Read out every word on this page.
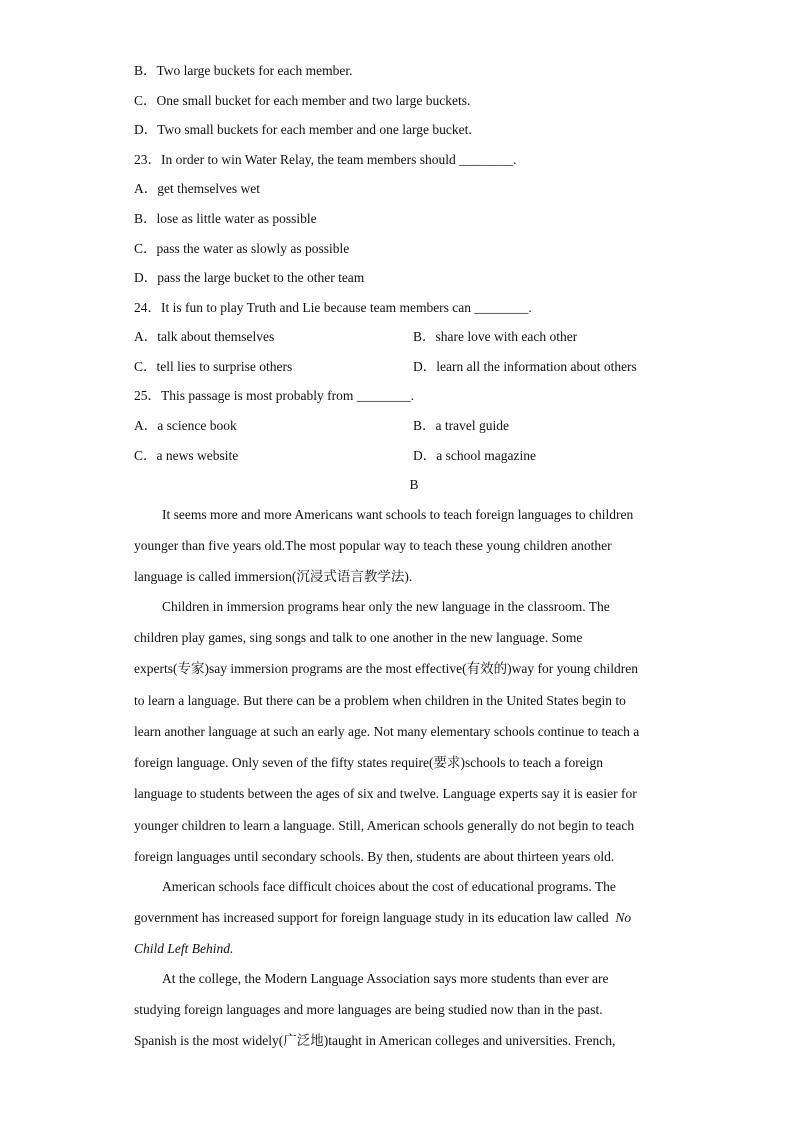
B．Two large buckets for each member.
C．One small bucket for each member and two large buckets.
D．Two small buckets for each member and one large bucket.
23．In order to win Water Relay, the team members should ________.
A．get themselves wet
B．lose as little water as possible
C．pass the water as slowly as possible
D．pass the large bucket to the other team
24．It is fun to play Truth and Lie because team members can ________.
A．talk about themselves	B．share love with each other
C．tell lies to surprise others	D．learn all the information about others
25．This passage is most probably from ________.
A．a science book	B．a travel guide
C．a news website	D．a school magazine
B
It seems more and more Americans want schools to teach foreign languages to children
younger than five years old.The most popular way to teach these young children another
language is called immersion(沉浸式语言教学法).
Children in immersion programs hear only the new language in the classroom. The
children play games, sing songs and talk to one another in the new language. Some
experts(专家)say immersion programs are the most effective(有效的)way for young children
to learn a language. But there can be a problem when children in the United States begin to
learn another language at such an early age. Not many elementary schools continue to teach a
foreign language. Only seven of the fifty states require(要求)schools to teach a foreign
language to students between the ages of six and twelve. Language experts say it is easier for
younger children to learn a language. Still, American schools generally do not begin to teach
foreign languages until secondary schools. By then, students are about thirteen years old.
American schools face difficult choices about the cost of educational programs. The
government has increased support for foreign language study in its education law called No
Child Left Behind.
At the college, the Modern Language Association says more students than ever are
studying foreign languages and more languages are being studied now than in the past.
Spanish is the most widely(广泛地)taught in American colleges and universities. French,
